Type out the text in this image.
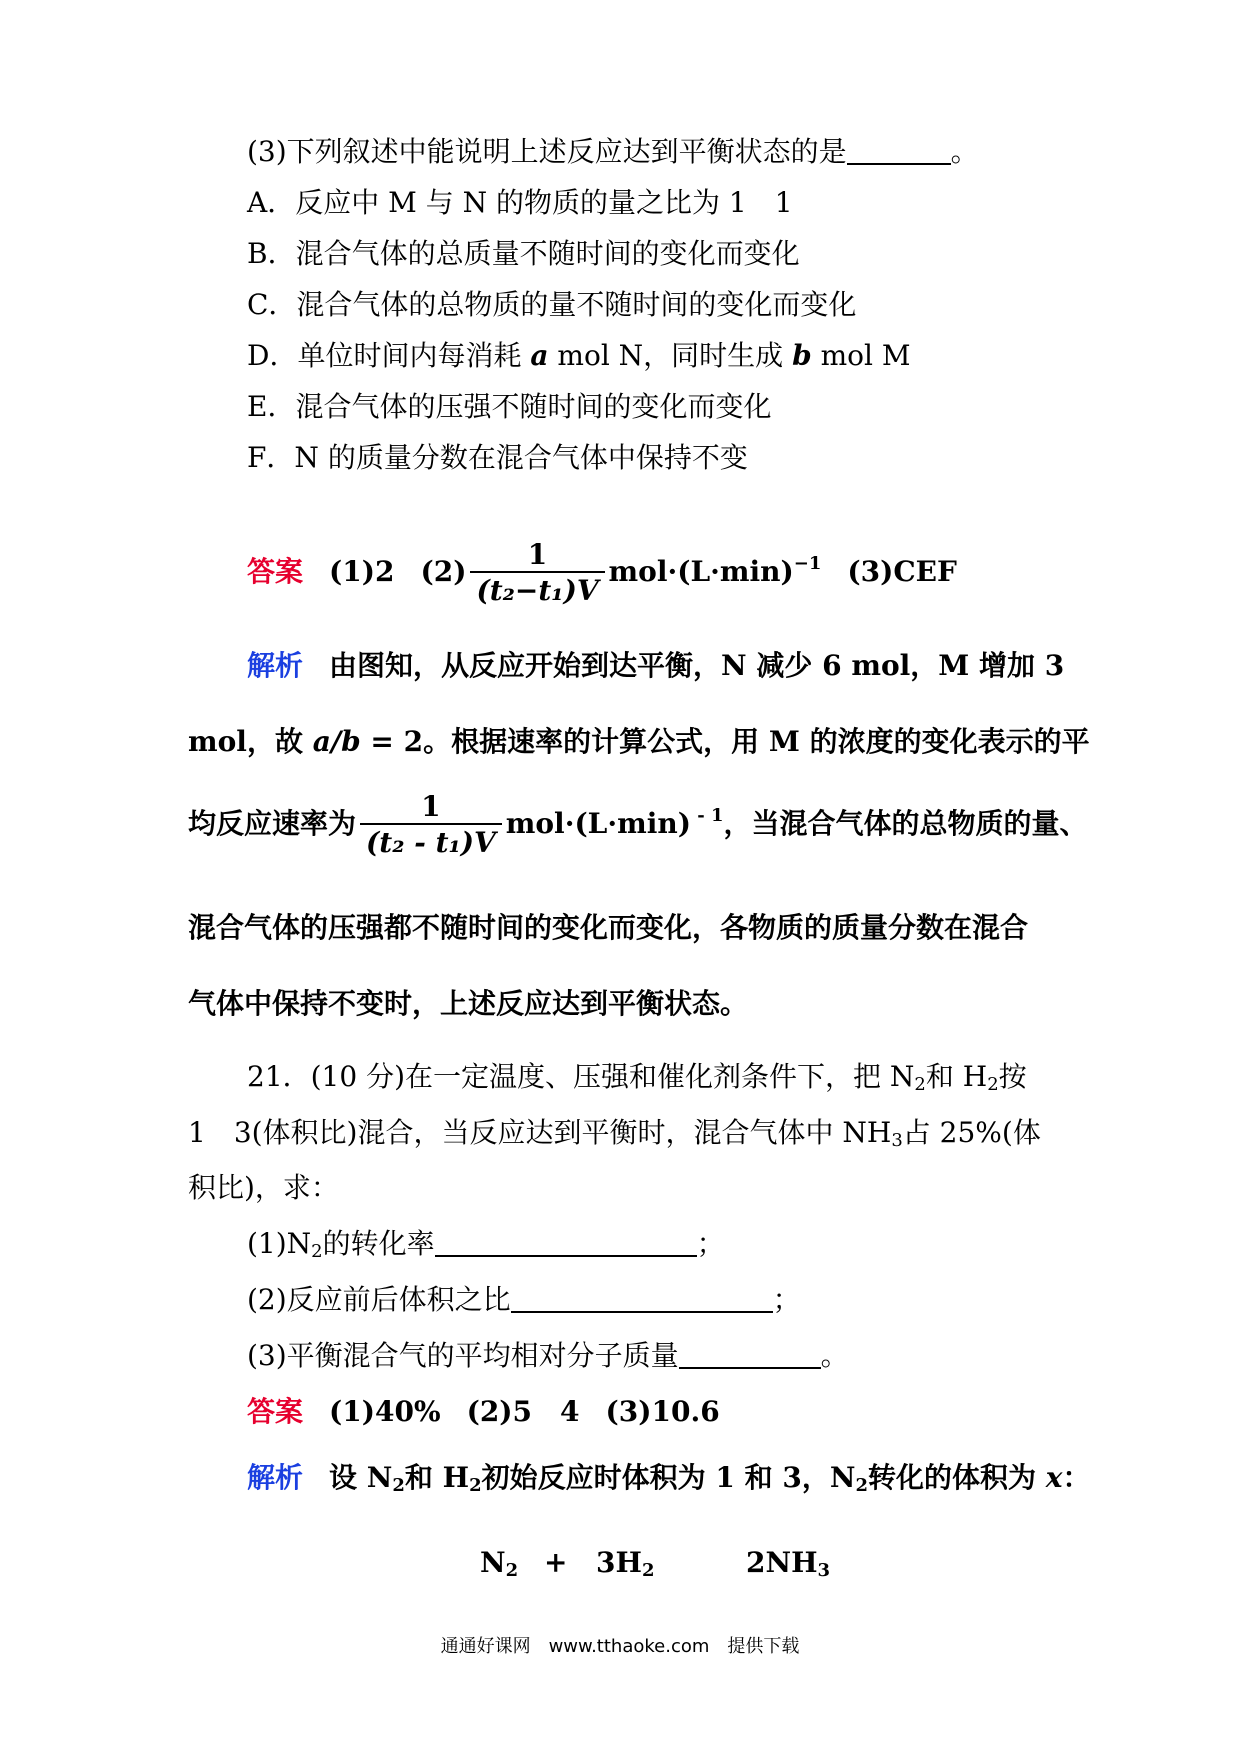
(3)下列叙述中能说明上述反应达到平衡状态的是	。
A．反应中 M 与 N 的物质的量之比为 1　1
B．混合气体的总质量不随时间的变化而变化
C．混合气体的总物质的量不随时间的变化而变化
D．单位时间内每消耗 a mol N，同时生成 b mol M
E．混合气体的压强不随时间的变化而变化
F．N 的质量分数在混合气体中保持不变
答案 (1)2 $(2) \frac{1}{\text{(t₂−t₁)V}} mol\cdot(L\cdot\min)^{-1}$ (3)CEF
解析 由图知，从反应开始到达平衡，N 减少 6 mol，M 增加 3
mol，故 a/b = 2。根据速率的计算公式，用 M 的浓度的变化表示的平
均反应速率为 $\frac{1}{\text{(t₂ - t₁)V}} mol\cdot(L\cdot\min)$ $^{- 1}$，当混合气体的总物质的量、
混合气体的压强都不随时间的变化而变化，各物质的质量分数在混合
气体中保持不变时，上述反应达到平衡状态。
21．(10 分)在一定温度、压强和催化剂条件下，把 $N_2$和 $H_2$按
1　3(体积比)混合，当反应达到平衡时，混合气体中 $NH_3$占 25%(体
积比)，求：
$(1)N_2$的转化率	；
(2)反应前后体积之比	；
(3)平衡混合气的平均相对分子质量	。
答案 (1)40% (2)5　4 (3)10.6
解析 设 $N_2$和 $H_2$初始反应时体积为 1 和 3，$N_2$转化的体积为 x：
$N_2 + 3H_2$	$2NH_3$
通通好课网　www.tthaoke.com　提供下载
